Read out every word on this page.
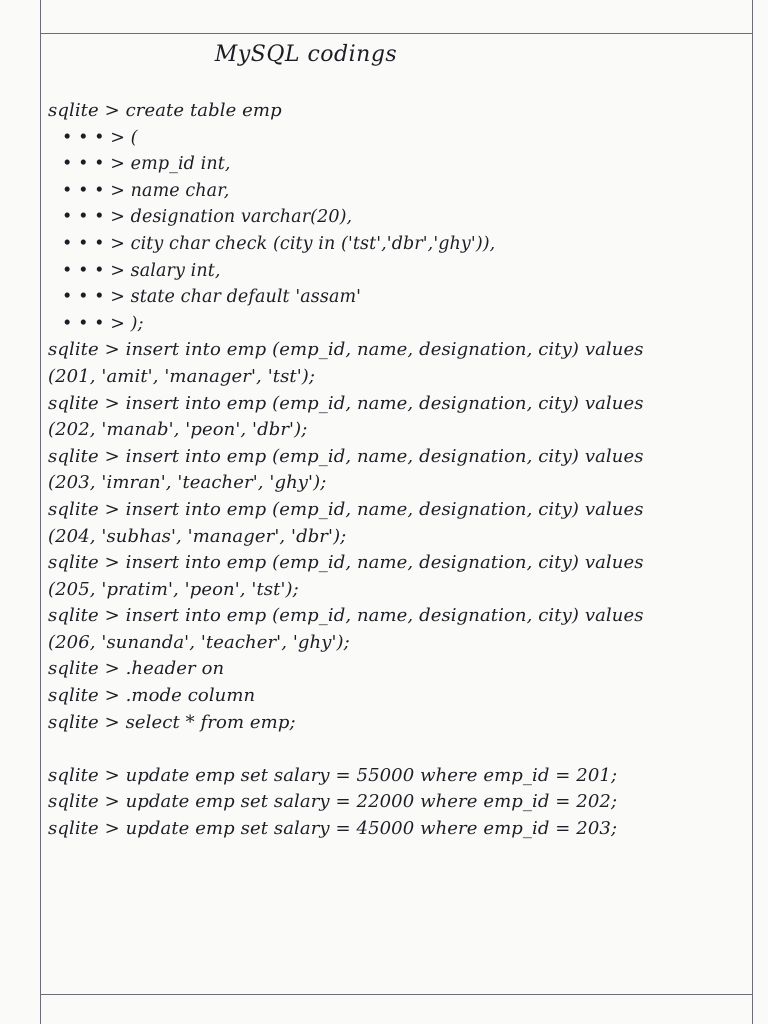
MySQL codings
sqlite > create table emp
• • • > (
• • • > emp_id int,
• • • > name char,
• • • > designation varchar(20),
• • • > city char check (city in ('tst','dbr','ghy')),
• • • > salary int,
• • • > state char default 'assam'
• • • > );
sqlite > insert into emp (emp_id, name, designation, city) values
(201, 'amit', 'manager', 'tst');
sqlite > insert into emp (emp_id, name, designation, city) values
(202, 'manab', 'peon', 'dbr');
sqlite > insert into emp (emp_id, name, designation, city) values
(203, 'imran', 'teacher', 'ghy');
sqlite > insert into emp (emp_id, name, designation, city) values
(204, 'subhas', 'manager', 'dbr');
sqlite > insert into emp (emp_id, name, designation, city) values
(205, 'pratim', 'peon', 'tst');
sqlite > insert into emp (emp_id, name, designation, city) values
(206, 'sunanda', 'teacher', 'ghy');
sqlite > .header on
sqlite > .mode column
sqlite > select * from emp;
sqlite > update emp set salary = 55000 where emp_id = 201;
sqlite > update emp set salary = 22000 where emp_id = 202;
sqlite > update emp set salary = 45000 where emp_id = 203;
